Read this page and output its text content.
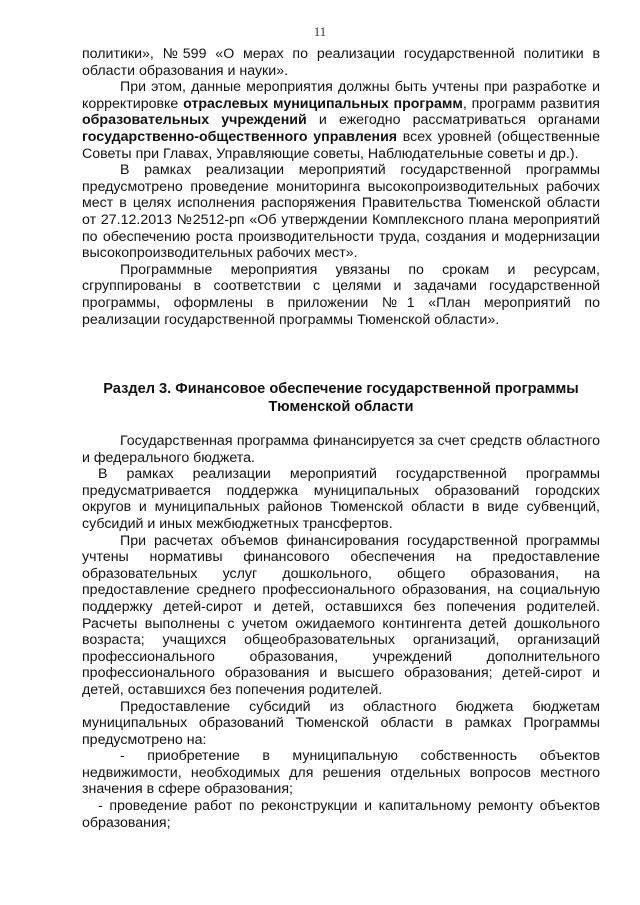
11

политики», №599 «О мерах по реализации государственной политики в области образования и науки».

При этом, данные мероприятия должны быть учтены при разработке и корректировке отраслевых муниципальных программ, программ развития образовательных учреждений и ежегодно рассматриваться органами государственно-общественного управления всех уровней (общественные Советы при Главах, Управляющие советы, Наблюдательные советы и др.).

В рамках реализации мероприятий государственной программы предусмотрено проведение мониторинга высокопроизводительных рабочих мест в целях исполнения распоряжения Правительства Тюменской области от 27.12.2013 №2512-рп «Об утверждении Комплексного плана мероприятий по обеспечению роста производительности труда, создания и модернизации высокопроизводительных рабочих мест».

Программные мероприятия увязаны по срокам и ресурсам, сгруппированы в соответствии с целями и задачами государственной программы, оформлены в приложении №1 «План мероприятий по реализации государственной программы Тюменской области».

Раздел 3. Финансовое обеспечение государственной программы
Тюменской области

Государственная программа финансируется за счет средств областного и федерального бюджета.

В рамках реализации мероприятий государственной программы предусматривается поддержка муниципальных образований городских округов и муниципальных районов Тюменской области в виде субвенций, субсидий и иных межбюджетных трансфертов.

При расчетах объемов финансирования государственной программы учтены нормативы финансового обеспечения на предоставление образовательных услуг дошкольного, общего образования, на предоставление среднего профессионального образования, на социальную поддержку детей-сирот и детей, оставшихся без попечения родителей. Расчеты выполнены с учетом ожидаемого контингента детей дошкольного возраста; учащихся общеобразовательных организаций, организаций профессионального образования, учреждений дополнительного профессионального образования и высшего образования; детей-сирот и детей, оставшихся без попечения родителей.

Предоставление субсидий из областного бюджета бюджетам муниципальных образований Тюменской области в рамках Программы предусмотрено на:

- приобретение в муниципальную собственность объектов недвижимости, необходимых для решения отдельных вопросов местного значения в сфере образования;

- проведение работ по реконструкции и капитальному ремонту объектов образования;
